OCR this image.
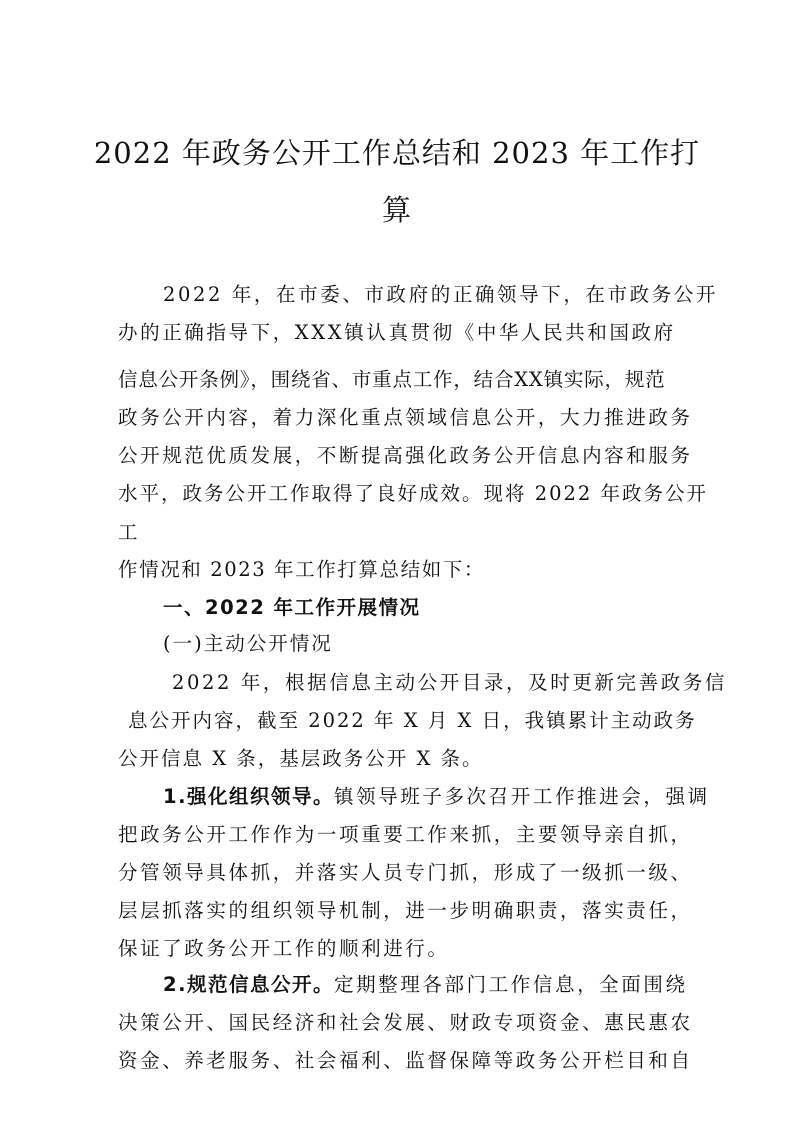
2022 年政务公开工作总结和 2023 年工作打
算
2022 年，在市委、市政府的正确领导下，在市政务公开
办的正确指导下，XXX镇认真贯彻《中华人民共和国政府
信息公开条例》，围绕省、市重点工作，结合XX镇实际，规范
政务公开内容，着力深化重点领域信息公开，大力推进政务
公开规范优质发展，不断提高强化政务公开信息内容和服务
水平，政务公开工作取得了良好成效。现将 2022 年政务公开
工
作情况和 2023 年工作打算总结如下：
一、2022 年工作开展情况
(一)主动公开情况
2022 年，根据信息主动公开目录，及时更新完善政务信
息公开内容，截至 2022 年 X 月 X 日，我镇累计主动政务
公开信息 X 条，基层政务公开 X 条。
1.强化组织领导。镇领导班子多次召开工作推进会，强调
把政务公开工作作为一项重要工作来抓，主要领导亲自抓，
分管领导具体抓，并落实人员专门抓，形成了一级抓一级、
层层抓落实的组织领导机制，进一步明确职责，落实责任，
保证了政务公开工作的顺利进行。
2.规范信息公开。定期整理各部门工作信息，全面围绕
决策公开、国民经济和社会发展、财政专项资金、惠民惠农
资金、养老服务、社会福利、监督保障等政务公开栏目和自
